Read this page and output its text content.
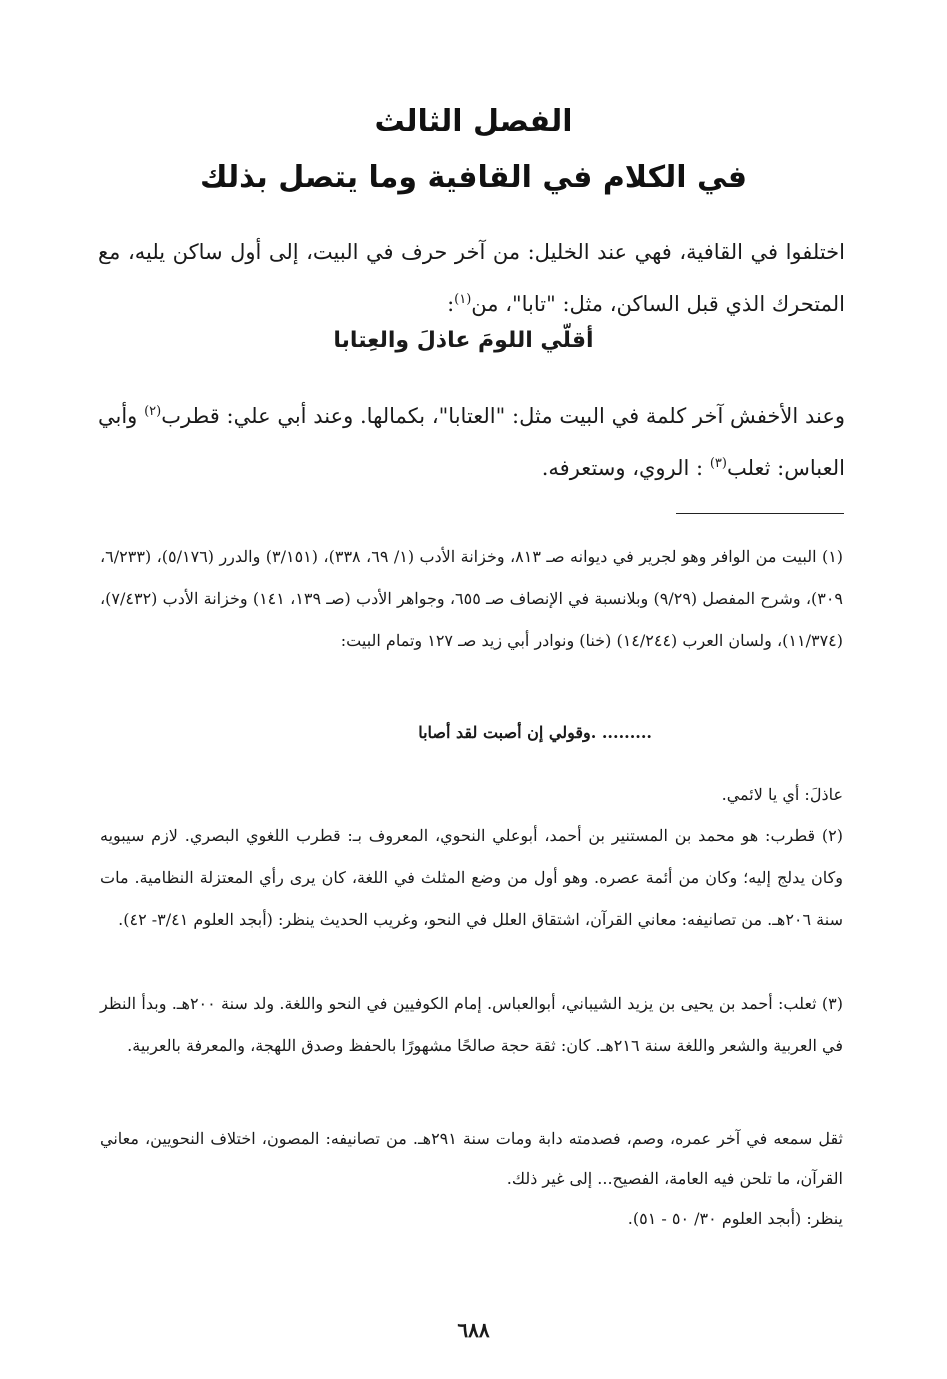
الفصل الثالث
في الكلام في القافية وما يتصل بذلك
اختلفوا في القافية، فهي عند الخليل: من آخر حرف في البيت، إلى أول ساكن يليه، مع المتحرك الذي قبل الساكن، مثل: "تابا"، من$^{(١)}$:
أقلّي اللومَ عاذلَ والعِتابا
وعند الأخفش آخر كلمة في البيت مثل: "العتابا"، بكمالها. وعند أبي علي: قطرب$^{(٢)}$ وأبي العباس: ثعلب$^{(٣)}$ : الروي، وستعرفه.

(١) البيت من الوافر وهو لجرير في ديوانه صـ ٨١٣، وخزانة الأدب (١/ ٦٩، ٣٣٨)، (٣/١٥١) والدرر (٥/١٧٦)، (٦/٢٣٣، ٣٠٩)، وشرح المفصل (٩/٢٩) وبلانسبة في الإنصاف صـ ٦٥٥، وجواهر الأدب (صـ ١٣٩، ١٤١) وخزانة الأدب (٧/٤٣٢)، (١١/٣٧٤)، ولسان العرب (١٤/٢٤٤) (خنا) ونوادر أبي زيد صـ ١٢٧ وتمام البيت:

......... .وقولي إن أصبت لقد أصابا

عاذلَ: أي يا لائمي.

(٢) قطرب: هو محمد بن المستنير بن أحمد، أبوعلي النحوي، المعروف بـ: قطرب اللغوي البصري. لازم سيبويه وكان يدلج إليه؛ وكان من أئمة عصره. وهو أول من وضع المثلث في اللغة، كان يرى رأي المعتزلة النظامية. مات سنة ٢٠٦هـ. من تصانيفه: معاني القرآن، اشتقاق العلل في النحو، وغريب الحديث ينظر: (أبجد العلوم ٣/٤١- ٤٢).

(٣) ثعلب: أحمد بن يحيى بن يزيد الشيباني، أبوالعباس. إمام الكوفيين في النحو واللغة. ولد سنة ٢٠٠هـ. وبدأ النظر في العربية والشعر واللغة سنة ٢١٦هـ. كان: ثقة حجة صالحًا مشهورًا بالحفظ وصدق اللهجة، والمعرفة بالعربية.

ثقل سمعه في آخر عمره، وصم، فصدمته دابة ومات سنة ٢٩١هـ. من تصانيفه: المصون، اختلاف النحويين، معاني القرآن، ما تلحن فيه العامة، الفصيح... إلى غير ذلك.

ينظر: (أبجد العلوم ٣٠/ ٥٠ - ٥١).

٦٨٨
